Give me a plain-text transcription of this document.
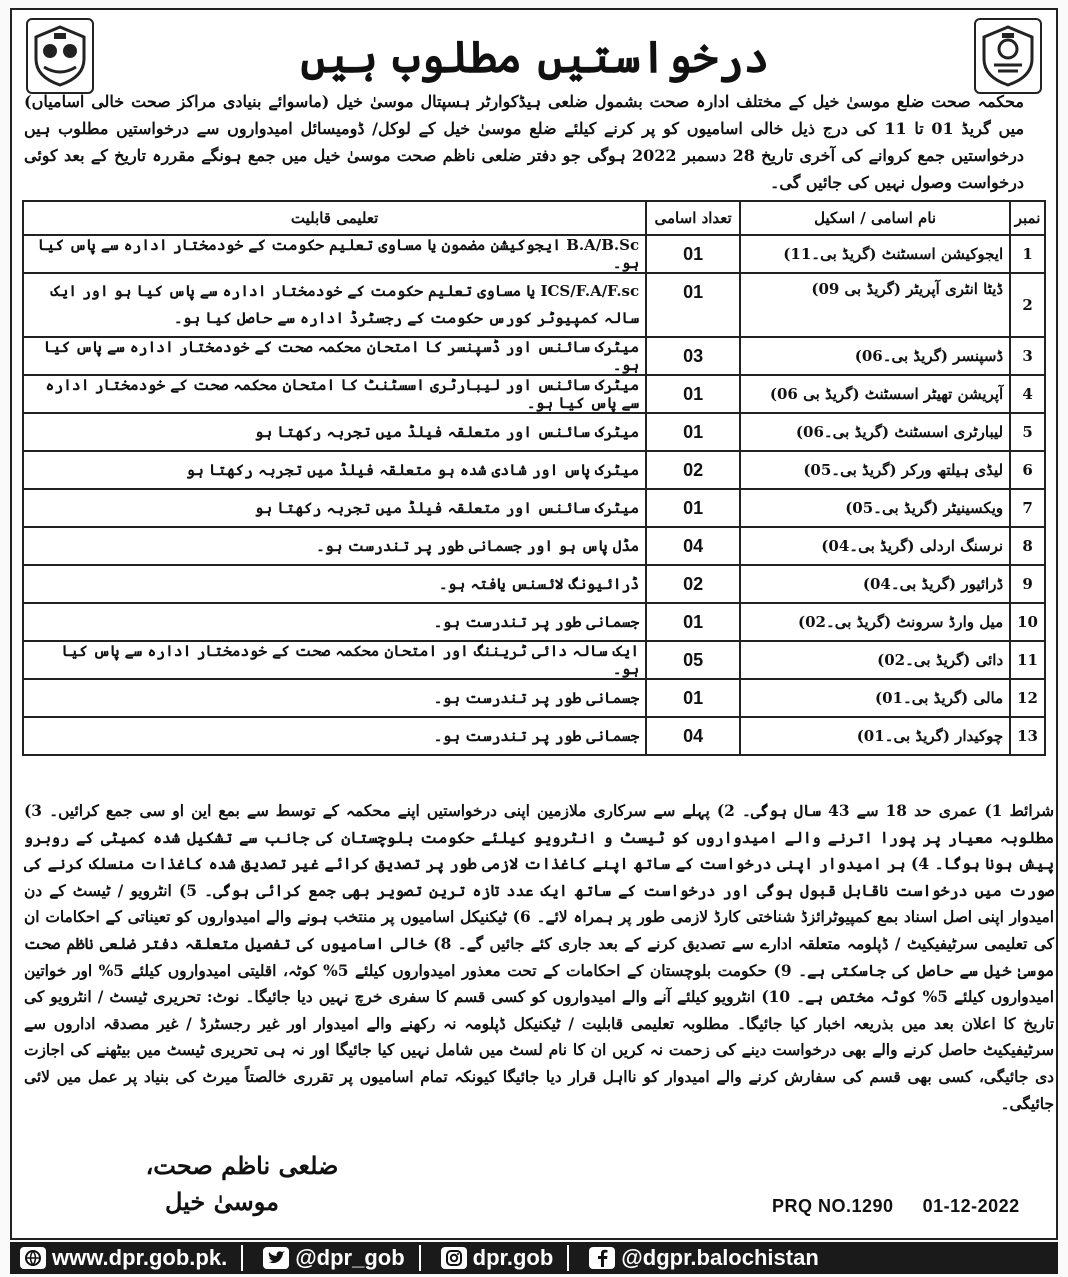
درخواستیں مطلوب ہیں
محکمہ صحت ضلع موسیٰ خیل کے مختلف ادارہ صحت بشمول ضلعی ہیڈکوارٹر ہسپتال موسیٰ خیل (ماسوائے بنیادی مراکز صحت خالی اسامیاں) میں گریڈ 01 تا 11 کی درج ذیل خالی اسامیوں کو پر کرنے کیلئے ضلع موسیٰ خیل کے لوکل/ ڈومیسائل امیدواروں سے درخواستیں مطلوب ہیں درخواستیں جمع کروانے کی آخری تاریخ 28 دسمبر 2022 ہوگی جو دفتر ضلعی ناظم صحت موسیٰ خیل میں جمع ہونگے مقررہ تاریخ کے بعد کوئی درخواست وصول نہیں کی جائیں گی۔
نمبر	نام اسامی / اسکیل	تعداد اسامی	تعلیمی قابلیت
1	ایجوکیشن اسسٹنٹ (گریڈ بی۔11)	01	B.A/B.Sc ایجوکیشن مضمون یا مساوی تعلیم حکومت کے خودمختار ادارہ سے پاس کیا ہو۔
2	ڈیٹا انٹری آپریٹر (گریڈ بی 09)	01	ICS/F.A/F.sc یا مساوی تعلیم حکومت کے خودمختار ادارہ سے پاس کیا ہو اور ایک سالہ کمپیوٹر کورس حکومت کے رجسٹرڈ ادارہ سے حاصل کیا ہو۔
3	ڈسپنسر (گریڈ بی۔06)	03	میٹرک سائنس اور ڈسپنسر کا امتحان محکمہ صحت کے خودمختار ادارہ سے پاس کیا ہو۔
4	آپریشن تھیٹر اسسٹنٹ (گریڈ بی 06)	01	میٹرک سائنس اور لیبارٹری اسسٹنٹ کا امتحان محکمہ صحت کے خودمختار ادارہ سے پاس کیا ہو۔
5	لیبارٹری اسسٹنٹ (گریڈ بی۔06)	01	میٹرک سائنس اور متعلقہ فیلڈ میں تجربہ رکھتا ہو
6	لیڈی ہیلتھ ورکر (گریڈ بی۔05)	02	میٹرک پاس اور شادی شدہ ہو متعلقہ فیلڈ میں تجربہ رکھتا ہو
7	ویکسینیٹر (گریڈ بی۔05)	01	میٹرک سائنس اور متعلقہ فیلڈ میں تجربہ رکھتا ہو
8	نرسنگ اردلی (گریڈ بی۔04)	04	مڈل پاس ہو اور جسمانی طور پر تندرست ہو۔
9	ڈرائیور (گریڈ بی۔04)	02	ڈرائیونگ لائسنس یافتہ ہو۔
10	میل وارڈ سرونٹ (گریڈ بی۔02)	01	جسمانی طور پر تندرست ہو۔
11	دائی (گریڈ بی۔02)	05	ایک سالہ دائی ٹریننگ اور امتحان محکمہ صحت کے خودمختار ادارہ سے پاس کیا ہو۔
12	مالی (گریڈ بی۔01)	01	جسمانی طور پر تندرست ہو۔
13	چوکیدار (گریڈ بی۔01)	04	جسمانی طور پر تندرست ہو۔
شرائط 1) عمری حد 18 سے 43 سال ہوگی۔ 2) پہلے سے سرکاری ملازمین اپنی درخواستیں اپنے محکمہ کے توسط سے بمع این او سی جمع کرائیں۔ 3) مطلوبہ معیار پر پورا اترنے والے امیدواروں کو ٹیسٹ و انٹرویو کیلئے حکومت بلوچستان کی جانب سے تشکیل شدہ کمیٹی کے روبرو پیش ہونا ہوگا۔ 4) ہر امیدوار اپنی درخواست کے ساتھ اپنے کاغذات لازمی طور پر تصدیق کرائے غیر تصدیق شدہ کاغذات منسلک کرنے کی صورت میں درخواست ناقابل قبول ہوگی اور درخواست کے ساتھ ایک عدد تازہ ترین تصویر بھی جمع کرائی ہوگی۔ 5) انٹرویو / ٹیسٹ کے دن امیدوار اپنی اصل اسناد بمع کمپیوٹرائزڈ شناختی کارڈ لازمی طور پر ہمراہ لائے۔ 6) ٹیکنیکل اسامیوں پر منتخب ہونے والے امیدواروں کو تعیناتی کے احکامات ان کی تعلیمی سرٹیفیکیٹ / ڈپلومہ متعلقہ ادارے سے تصدیق کرنے کے بعد جاری کئے جائیں گے۔ 8) خالی اسامیوں کی تفصیل متعلقہ دفتر ضلعی ناظم صحت موسیٰ خیل سے حاصل کی جاسکتی ہے۔ 9) حکومت بلوچستان کے احکامات کے تحت معذور امیدواروں کیلئے 5% کوٹہ، اقلیتی امیدواروں کیلئے 5% اور خواتین امیدواروں کیلئے 5% کوٹہ مختص ہے۔ 10) انٹرویو کیلئے آنے والے امیدواروں کو کسی قسم کا سفری خرچ نہیں دیا جائیگا۔ نوٹ: تحریری ٹیسٹ / انٹرویو کی تاریخ کا اعلان بعد میں بذریعہ اخبار کیا جائیگا۔ مطلوبہ تعلیمی قابلیت / ٹیکنیکل ڈپلومہ نہ رکھنے والے امیدوار اور غیر رجسٹرڈ / غیر مصدقہ اداروں سے سرٹیفیکیٹ حاصل کرنے والے بھی درخواست دینے کی زحمت نہ کریں ان کا نام لسٹ میں شامل نہیں کیا جائیگا اور نہ ہی تحریری ٹیسٹ میں بیٹھنے کی اجازت دی جائیگی، کسی بھی قسم کی سفارش کرنے والے امیدوار کو نااہل قرار دیا جائیگا کیونکہ تمام اسامیوں پر تقرری خالصتاً میرٹ کی بنیاد پر عمل میں لائی جائیگی۔
ضلعی ناظم صحت،
موسیٰ خیل	PRQ NO.1290 01-12-2022
www.dpr.gob.pk.	@dpr_gob	dpr.gob	@dgpr.balochistan
